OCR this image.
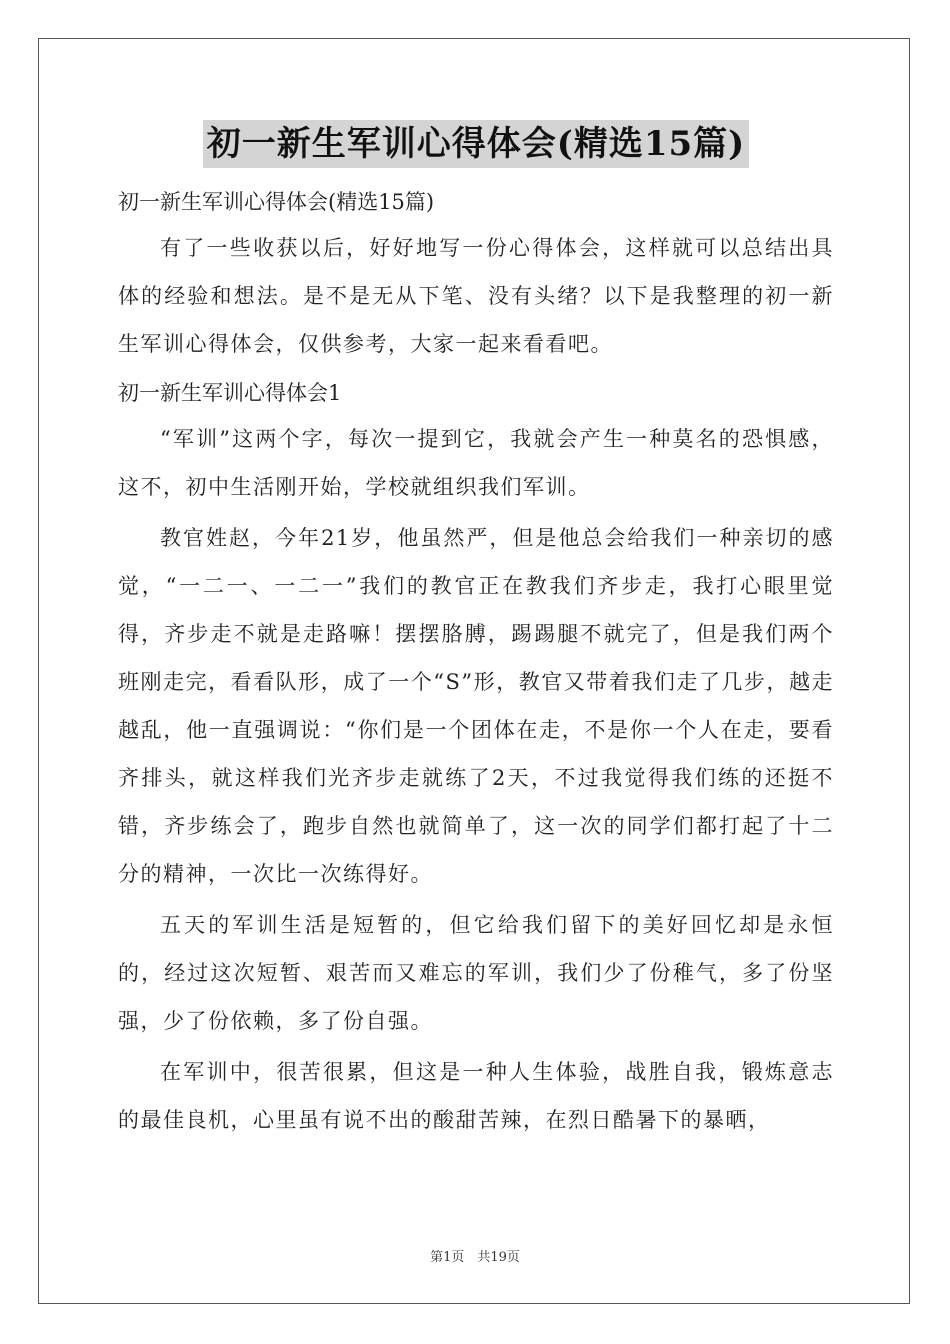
初一新生军训心得体会(精选15篇)

初一新生军训心得体会(精选15篇)

有了一些收获以后，好好地写一份心得体会，这样就可以总结出具体的经验和想法。是不是无从下笔、没有头绪？以下是我整理的初一新生军训心得体会，仅供参考，大家一起来看看吧。

初一新生军训心得体会1

“军训”这两个字，每次一提到它，我就会产生一种莫名的恐惧感，这不，初中生活刚开始，学校就组织我们军训。

教官姓赵，今年21岁，他虽然严，但是他总会给我们一种亲切的感觉，“一二一、一二一”我们的教官正在教我们齐步走，我打心眼里觉得，齐步走不就是走路嘛！摆摆胳膊，踢踢腿不就完了，但是我们两个班刚走完，看看队形，成了一个“S”形，教官又带着我们走了几步，越走越乱，他一直强调说：“你们是一个团体在走，不是你一个人在走，要看齐排头，就这样我们光齐步走就练了2天，不过我觉得我们练的还挺不错，齐步练会了，跑步自然也就简单了，这一次的同学们都打起了十二分的精神，一次比一次练得好。

五天的军训生活是短暂的，但它给我们留下的美好回忆却是永恒的，经过这次短暂、艰苦而又难忘的军训，我们少了份稚气，多了份坚强，少了份依赖，多了份自强。

在军训中，很苦很累，但这是一种人生体验，战胜自我，锻炼意志的最佳良机，心里虽有说不出的酸甜苦辣，在烈日酷暑下的暴晒，

第1页　共19页
